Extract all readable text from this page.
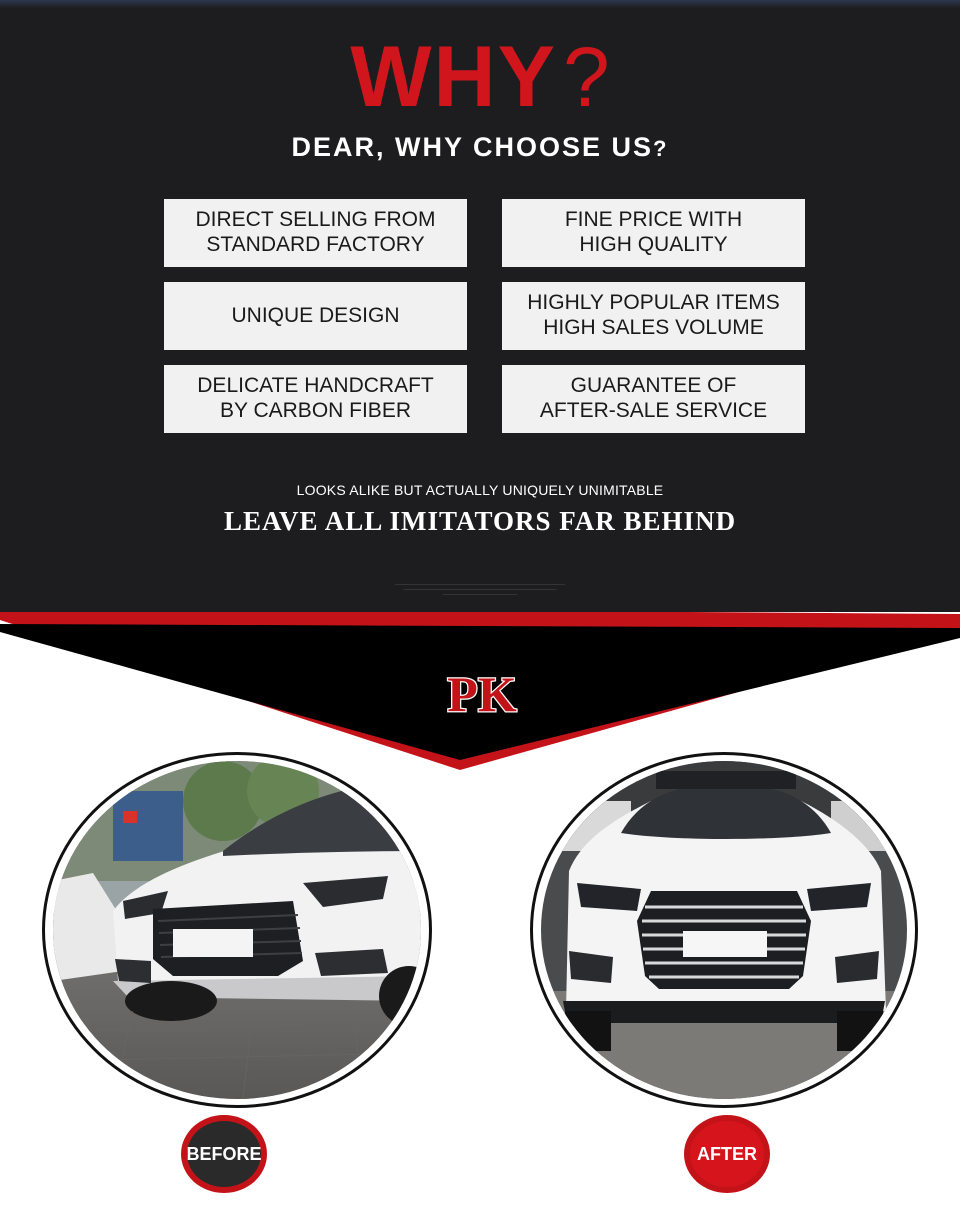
WHY?
DEAR, WHY CHOOSE US?
DIRECT SELLING FROM
STANDARD FACTORY
FINE PRICE WITH
HIGH QUALITY
UNIQUE DESIGN
HIGHLY POPULAR ITEMS
HIGH SALES VOLUME
DELICATE HANDCRAFT
BY CARBON FIBER
GUARANTEE OF
AFTER-SALE SERVICE
LOOKS ALIKE BUT ACTUALLY UNIQUELY UNIMITABLE
LEAVE ALL IMITATORS FAR BEHIND
────────────────────────────────────────────────────────────
──────────────────────────────────────────────────────
──────────────────────────
PK
BEFORE	AFTER
